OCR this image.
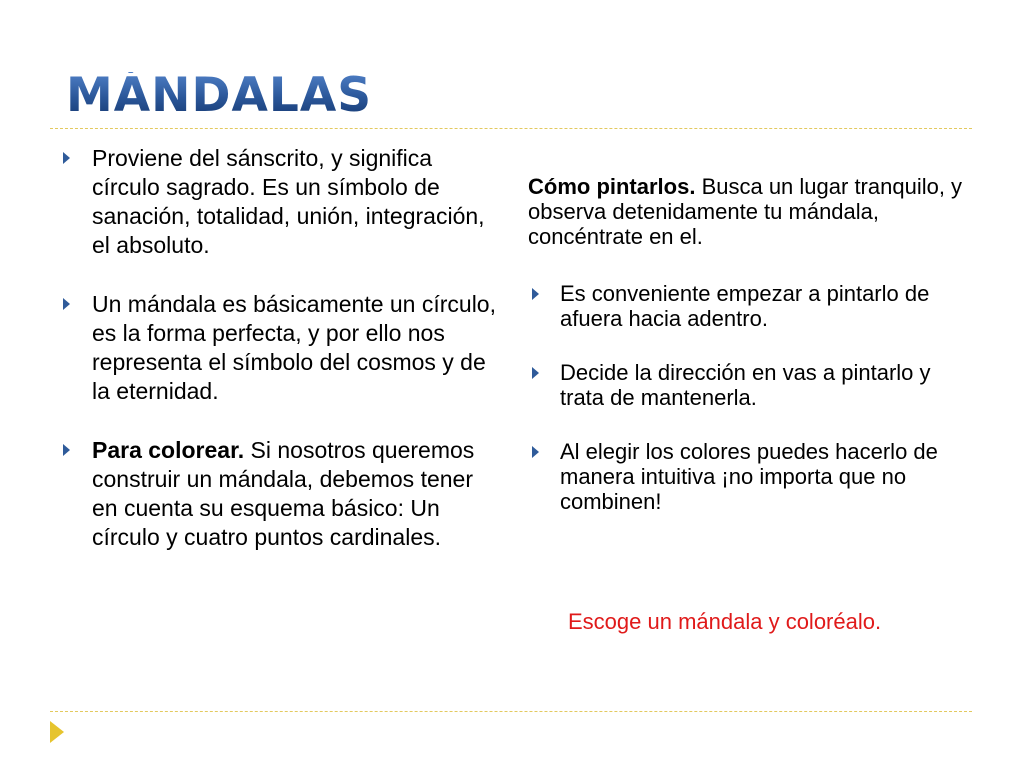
MÁNDALAS
Proviene del sánscrito, y significa círculo sagrado. Es un símbolo de sanación, totalidad, unión, integración, el absoluto.
Un mándala es básicamente un círculo, es la forma perfecta, y por ello nos representa el símbolo del cosmos y de la eternidad.
Para colorear. Si nosotros queremos construir un mándala, debemos tener en cuenta su esquema básico: Un círculo y cuatro puntos cardinales.
Cómo pintarlos. Busca un lugar tranquilo, y observa detenidamente tu mándala, concéntrate en el.
Es conveniente empezar a pintarlo de afuera hacia adentro.
Decide la dirección en vas a pintarlo y trata de mantenerla.
Al elegir los colores puedes hacerlo de manera intuitiva ¡no importa que no combinen!
Escoge un mándala y coloréalo.
